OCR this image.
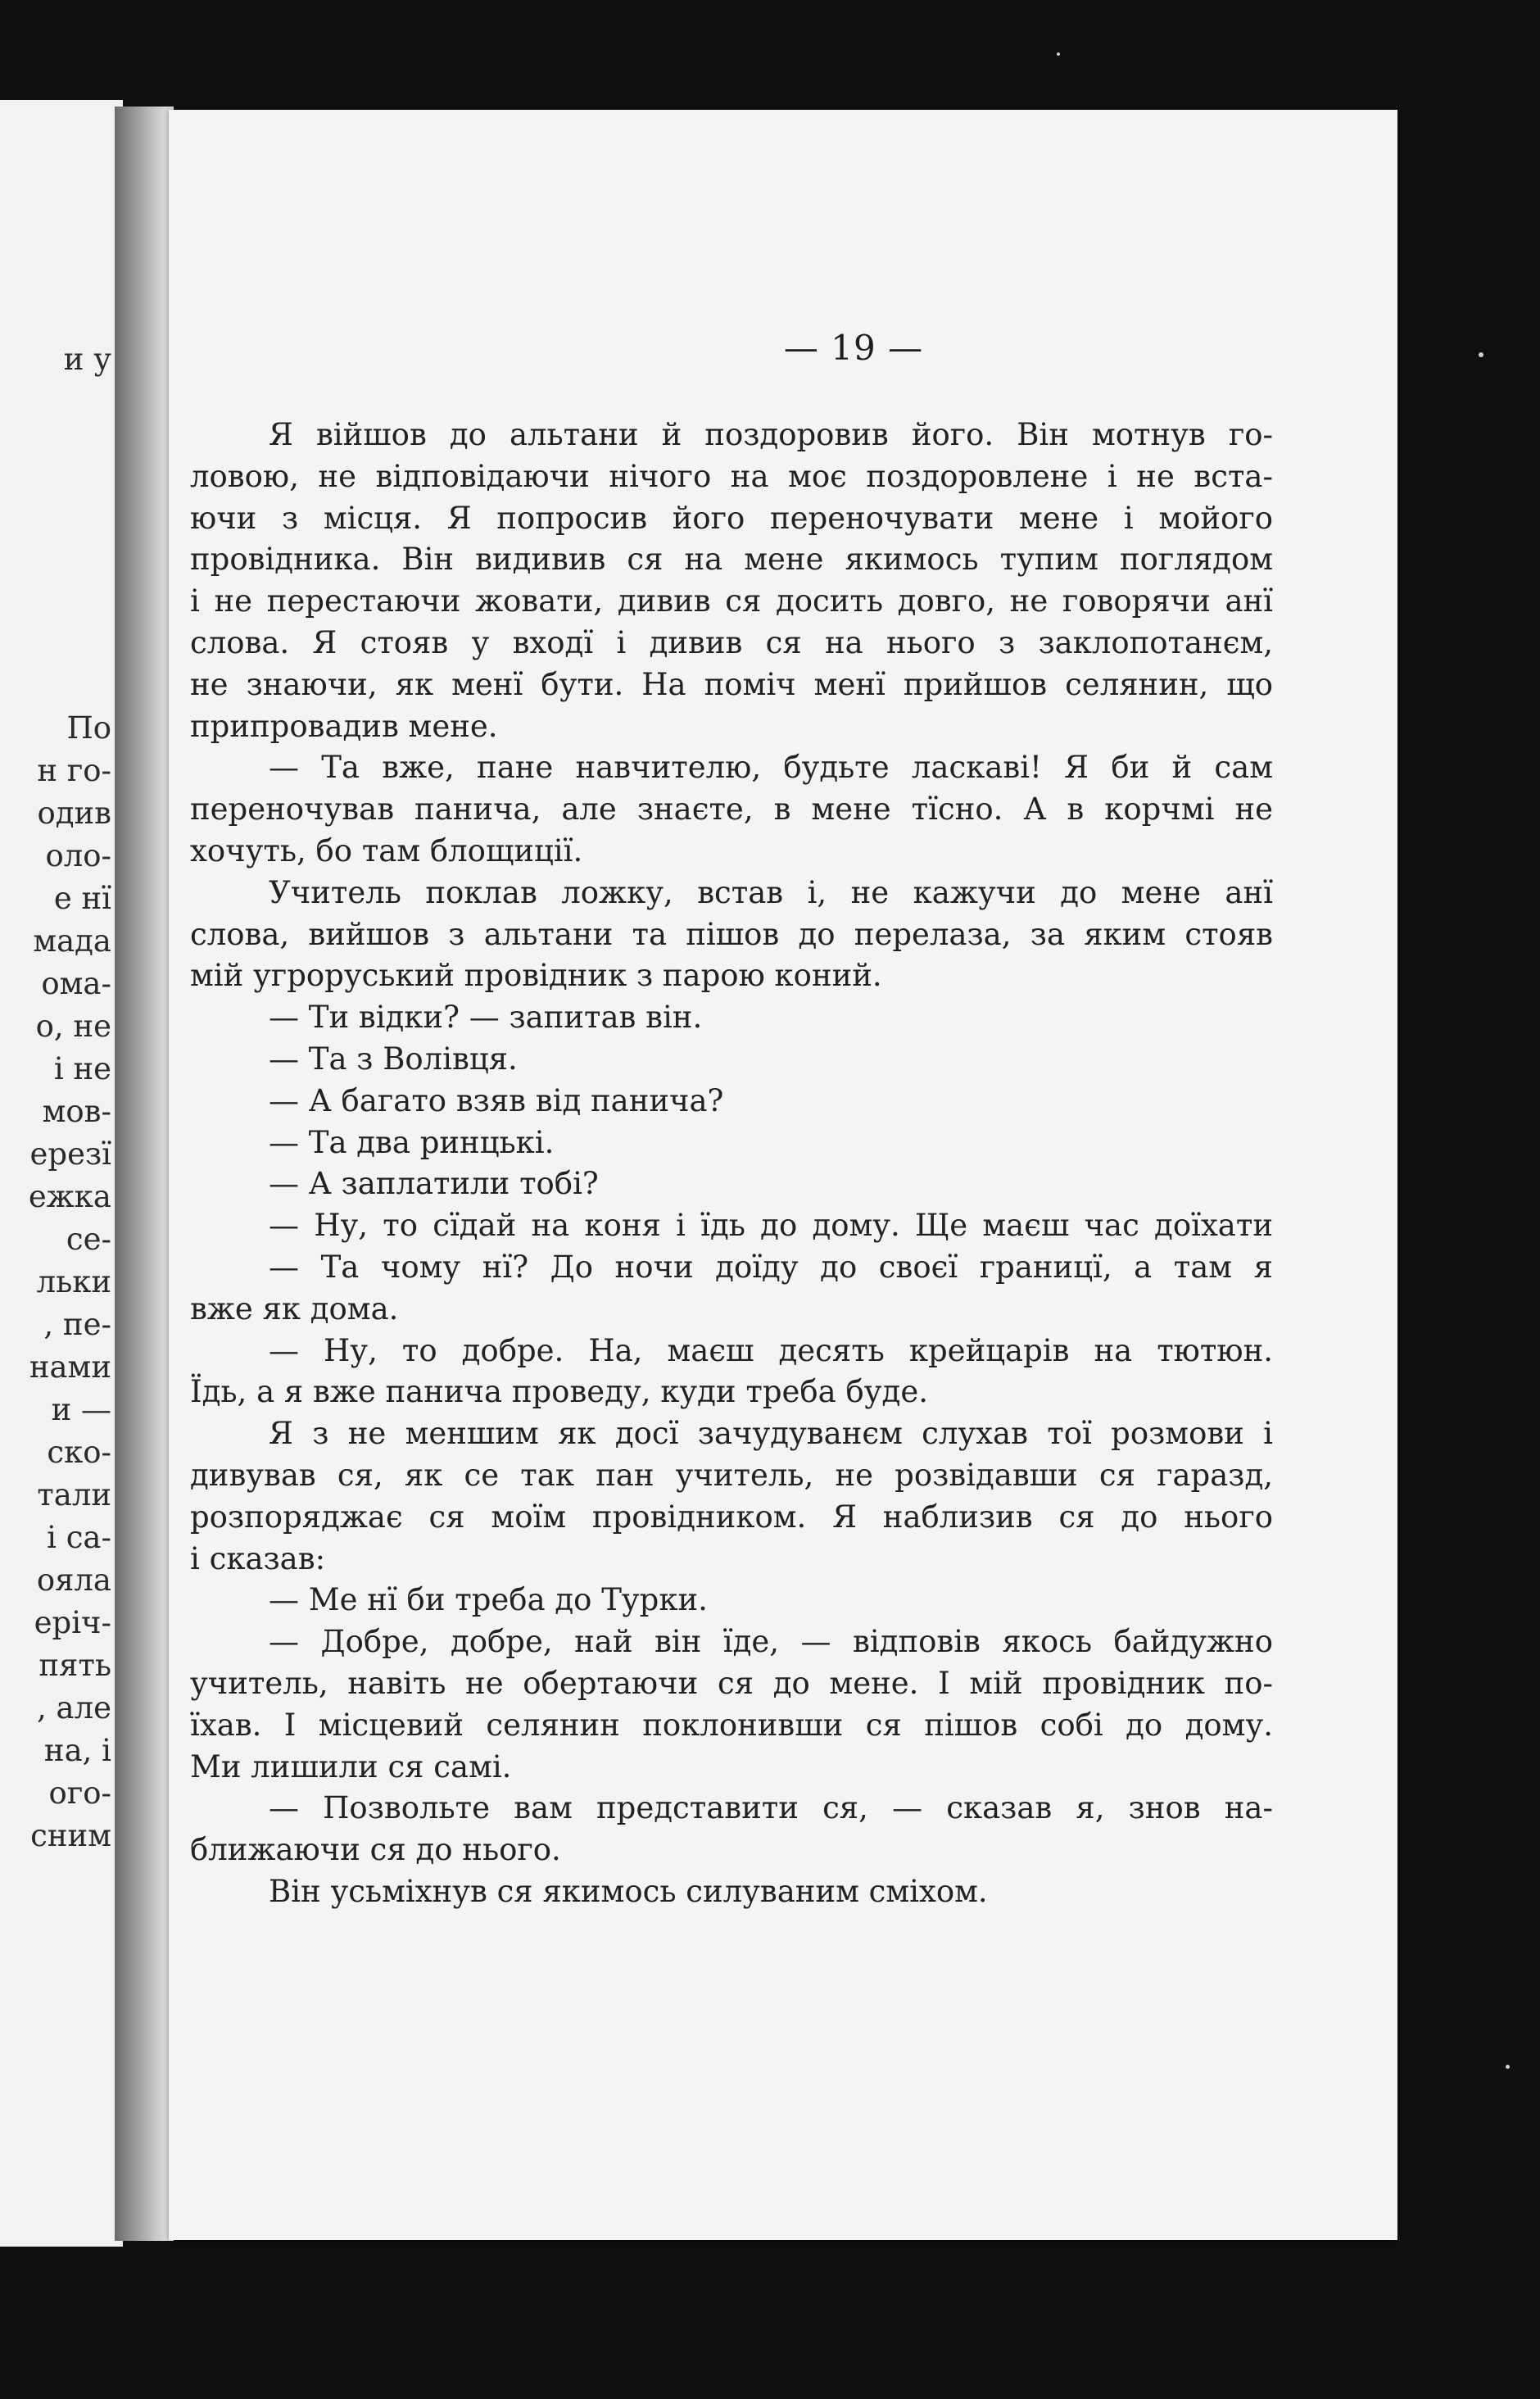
и у
По
н го-
одив
оло-
е нї
мада
ома-
о, не
і не
мов-
ерезї
ежка
се-
льки
, пе-
нами
и —
ско-
тали
і са-
ояла
еріч-
пять
, але
на, і
ого-
сним
— 19 —
Я війшов до альтани й поздоровив його. Він мотнув го-
ловою, не відповідаючи нічого на моє поздоровлене і не вста-
ючи з місця. Я попросив його переночувати мене і мойого
провідника. Він видивив ся на мене якимось тупим поглядом
і не перестаючи жовати, дивив ся досить довго, не говорячи анї
слова. Я стояв у входї і дивив ся на нього з заклопотанєм,
не знаючи, як менї бути. На поміч менї прийшов селянин, що
припровадив мене.
— Та вже, пане навчителю, будьте ласкаві! Я би й сам
переночував панича, але знаєте, в мене тїсно. А в корчмі не
хочуть, бо там блощиції.
Учитель поклав ложку, встав і, не кажучи до мене анї
слова, вийшов з альтани та пішов до перелаза, за яким стояв
мій угроруський провідник з парою коний.
— Ти відки? — запитав він.
— Та з Волівця.
— А багато взяв від панича?
— Та два ринцькі.
— А заплатили тобі?
— Ну, то сїдай на коня і їдь до дому. Ще маєш час доїхати
— Та чому нї? До ночи доїду до своєї границї, а там я
вже як дома.
— Ну, то добре. На, маєш десять крейцарів на тютюн.
Їдь, а я вже панича проведу, куди треба буде.
Я з не меншим як досї зачудуванєм слухав тої розмови і
дивував ся, як се так пан учитель, не розвідавши ся гаразд,
розпоряджає ся моїм провідником. Я наблизив ся до нього
і сказав:
— Ме нї би треба до Турки.
— Добре, добре, най він їде, — відповів якось байдужно
учитель, навіть не обертаючи ся до мене. І мій провідник по-
їхав. І місцевий селянин поклонивши ся пішов собі до дому.
Ми лишили ся самі.
— Позвольте вам представити ся, — сказав я, знов на-
ближаючи ся до нього.
Він усьміхнув ся якимось силуваним сміхом.
